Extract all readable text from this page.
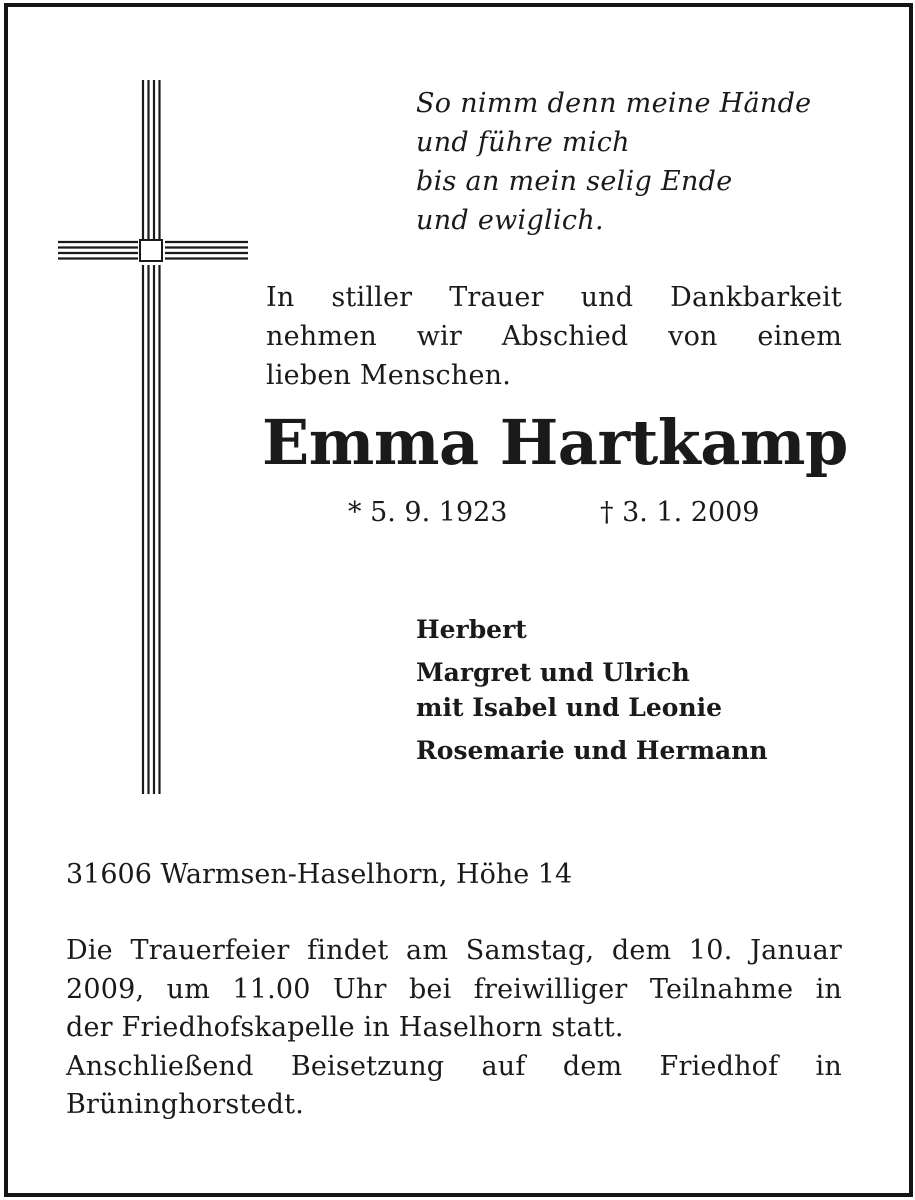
So nimm denn meine Hände
und führe mich
bis an mein selig Ende
und ewiglich.
In stiller Trauer und Dankbarkeit
nehmen wir Abschied von einem
lieben Menschen.
Emma Hartkamp
* 5. 9. 1923	† 3. 1. 2009
Herbert
Margret und Ulrich
mit Isabel und Leonie
Rosemarie und Hermann
31606 Warmsen-Haselhorn, Höhe 14
Die Trauerfeier findet am Samstag, dem 10. Januar
2009, um 11.00 Uhr bei freiwilliger Teilnahme in
der Friedhofskapelle in Haselhorn statt.
Anschließend Beisetzung auf dem Friedhof in
Brüninghorstedt.
